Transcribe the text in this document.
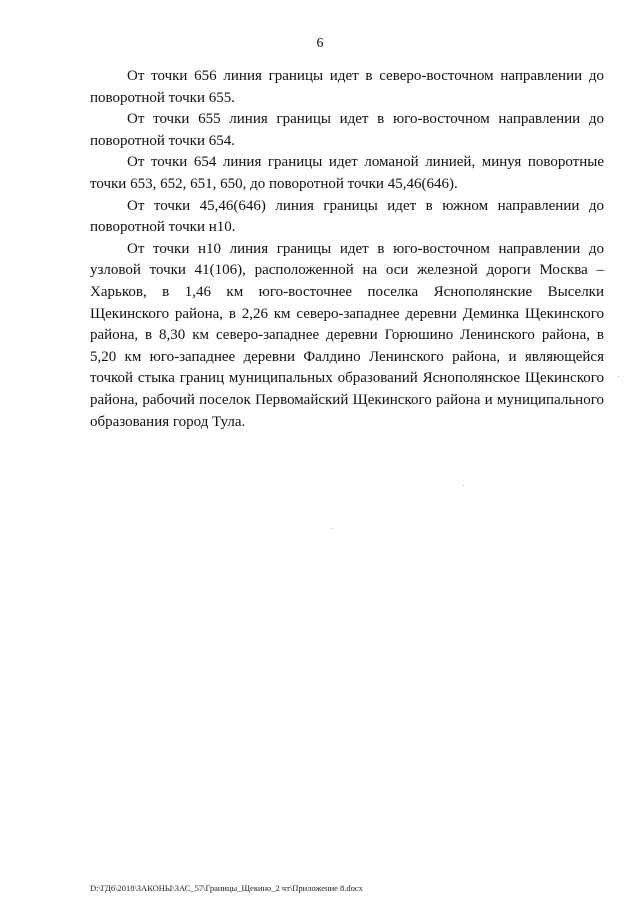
6

От точки 656 линия границы идет в северо-восточном направлении до поворотной точки 655.

От точки 655 линия границы идет в юго-восточном направлении до поворотной точки 654.

От точки 654 линия границы идет ломаной линией, минуя поворотные точки 653, 652, 651, 650, до поворотной точки 45,46(646).

От точки 45,46(646) линия границы идет в южном направлении до поворотной точки н10.

От точки н10 линия границы идет в юго-восточном направлении до узловой точки 41(106), расположенной на оси железной дороги Москва – Харьков, в 1,46 км юго-восточнее поселка Яснополянские Выселки Щекинского района, в 2,26 км северо-западнее деревни Деминка Щекинского района, в 8,30 км северо-западнее деревни Горюшино Ленинского района, в 5,20 км юго-западнее деревни Фалдино Ленинского района, и являющейся точкой стыка границ муниципальных образований Яснополянское Щекинского района, рабочий поселок Первомайский Щекинского района и муниципального образования город Тула.

D:\ГД6\2018\ЗАКОНЫ\ЗАС_57\Границы_Щекино_2 чт\Приложение 8.docx
